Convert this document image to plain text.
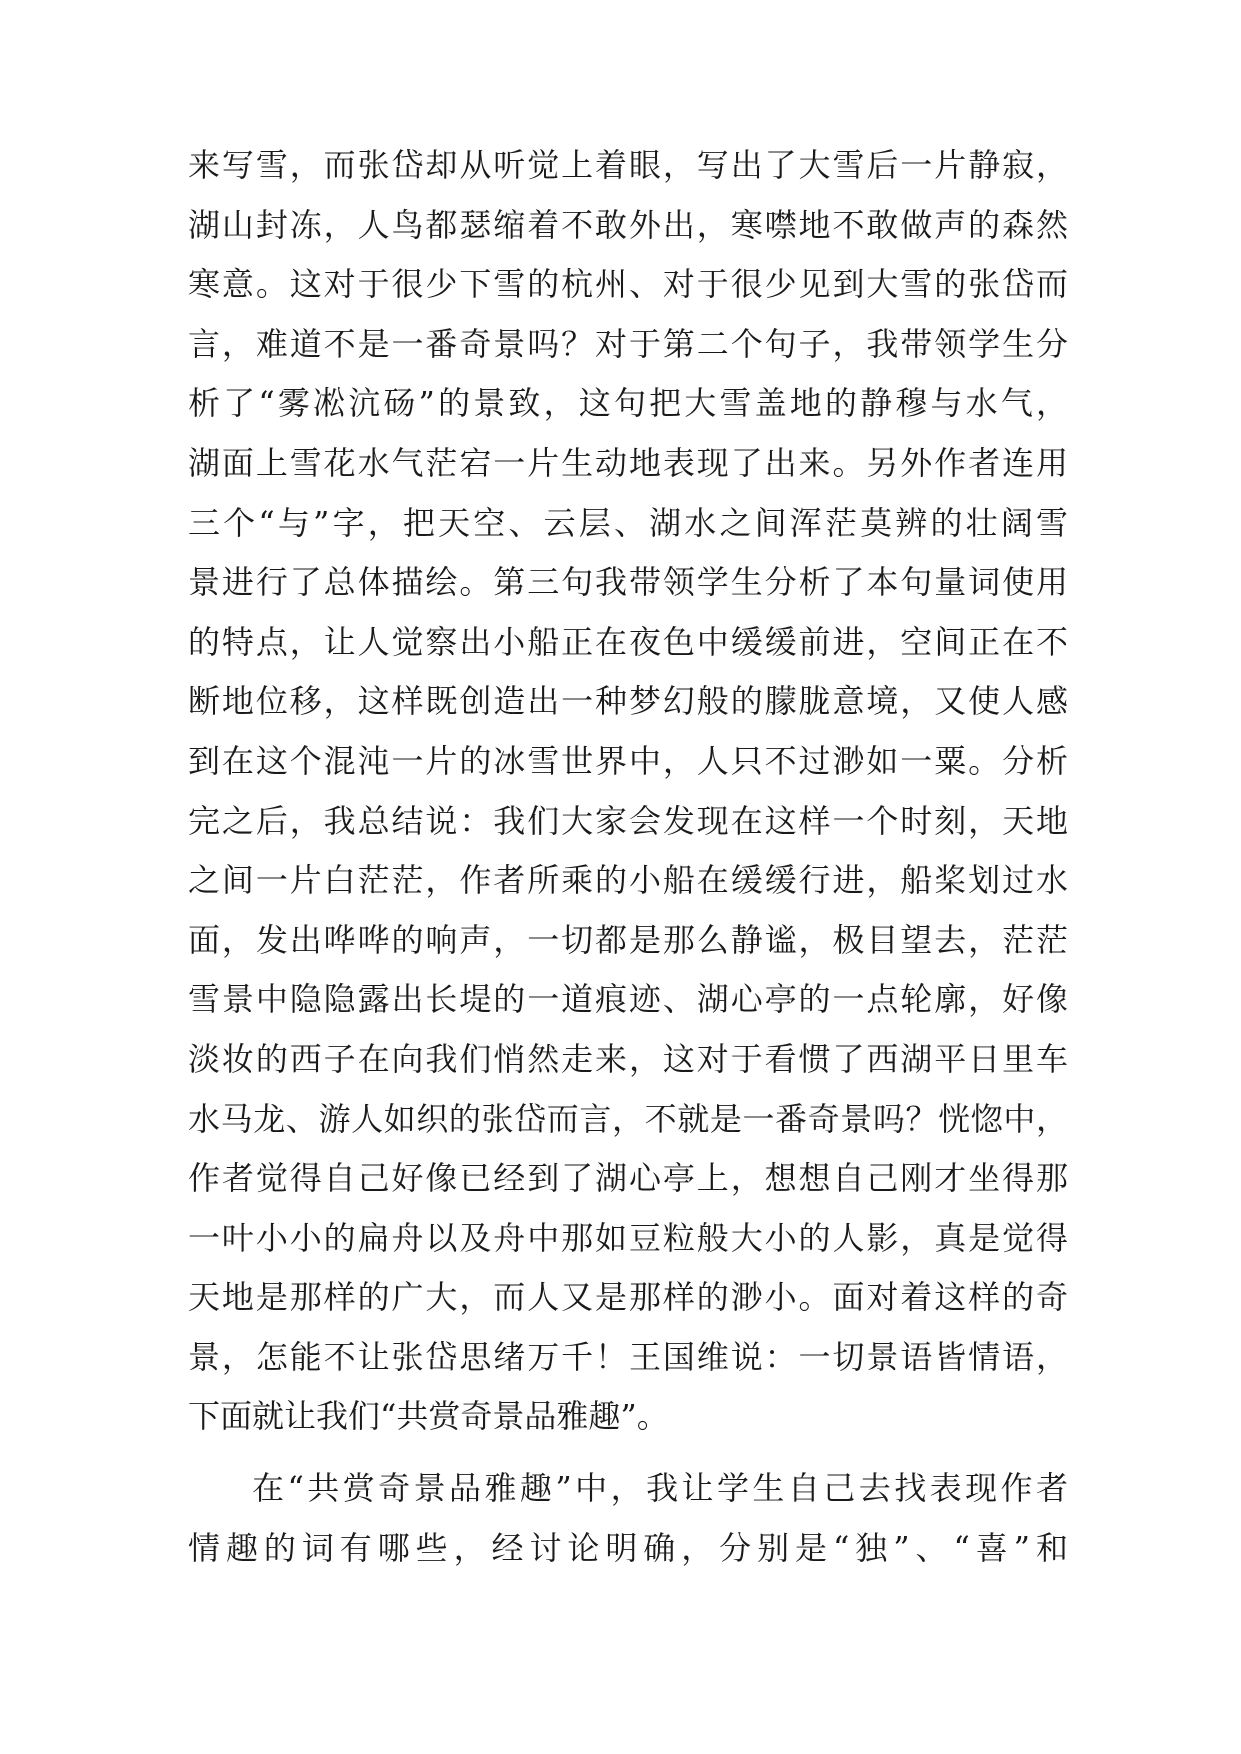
来写雪，而张岱却从听觉上着眼，写出了大雪后一片静寂，
湖山封冻，人鸟都瑟缩着不敢外出，寒噤地不敢做声的森然
寒意。这对于很少下雪的杭州、对于很少见到大雪的张岱而
言，难道不是一番奇景吗？对于第二个句子，我带领学生分
析了“雾凇沆砀”的景致，这句把大雪盖地的静穆与水气，
湖面上雪花水气茫宕一片生动地表现了出来。另外作者连用
三个“与”字，把天空、云层、湖水之间浑茫莫辨的壮阔雪
景进行了总体描绘。第三句我带领学生分析了本句量词使用
的特点，让人觉察出小船正在夜色中缓缓前进，空间正在不
断地位移，这样既创造出一种梦幻般的朦胧意境，又使人感
到在这个混沌一片的冰雪世界中，人只不过渺如一粟。分析
完之后，我总结说：我们大家会发现在这样一个时刻，天地
之间一片白茫茫，作者所乘的小船在缓缓行进，船桨划过水
面，发出哗哗的响声，一切都是那么静谧，极目望去，茫茫
雪景中隐隐露出长堤的一道痕迹、湖心亭的一点轮廓，好像
淡妆的西子在向我们悄然走来，这对于看惯了西湖平日里车
水马龙、游人如织的张岱而言，不就是一番奇景吗？恍惚中，
作者觉得自己好像已经到了湖心亭上，想想自己刚才坐得那
一叶小小的扁舟以及舟中那如豆粒般大小的人影，真是觉得
天地是那样的广大，而人又是那样的渺小。面对着这样的奇
景，怎能不让张岱思绪万千！王国维说：一切景语皆情语，
下面就让我们“共赏奇景品雅趣”。
在“共赏奇景品雅趣”中，我让学生自己去找表现作者
情趣的词有哪些，经讨论明确，分别是“独”、“喜”和
